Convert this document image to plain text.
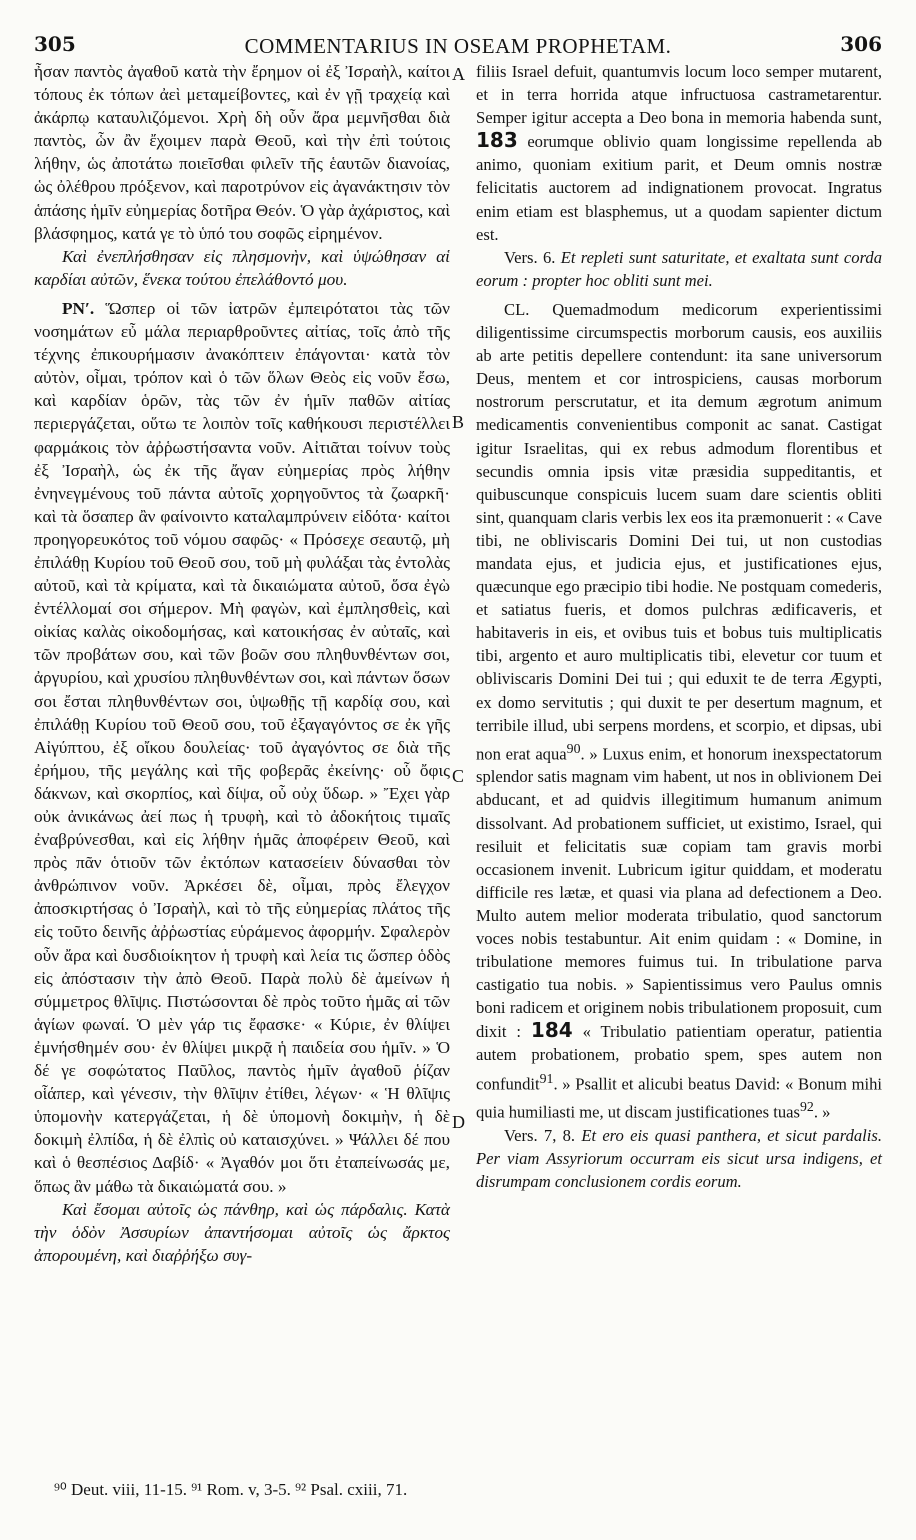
305	COMMENTARIUS IN OSEAM PROPHETAM.	306

ἦσαν παντὸς ἀγαθοῦ κατὰ τὴν ἔρημον οἱ ἐξ Ἰσραὴλ, καίτοι τόπους ἐκ τόπων ἀεὶ μεταμείβοντες, καὶ ἐν γῇ τραχείᾳ καὶ ἀκάρπῳ καταυλιζόμενοι. Χρὴ δὴ οὖν ἄρα μεμνῆσθαι διὰ παντὸς, ὧν ἂν ἔχοιμεν παρὰ Θεοῦ, καὶ τὴν ἐπὶ τούτοις λήθην, ὡς ἀποτάτω ποιεῖσθαι φιλεῖν τῆς ἑαυτῶν διανοίας, ὡς ὀλέθρου πρόξενον, καὶ παροτρύνον εἰς ἀγανάκτησιν τὸν ἁπάσης ἡμῖν εὐημερίας δοτῆρα Θεόν. Ὁ γὰρ ἀχάριστος, καὶ βλάσφημος, κατά γε τὸ ὑπό του σοφῶς εἰρημένον.

Καὶ ἐνεπλήσθησαν εἰς πλησμονὴν, καὶ ὑψώθησαν αἱ καρδίαι αὐτῶν, ἕνεκα τούτου ἐπελάθοντό μου.

ΡΝʹ. Ὥσπερ οἱ τῶν ἰατρῶν ἐμπειρότατοι τὰς τῶν νοσημάτων εὖ μάλα περιαρθροῦντες αἰτίας, τοῖς ἀπὸ τῆς τέχνης ἐπικουρήμασιν ἀνακόπτειν ἐπάγονται· κατὰ τὸν αὐτὸν, οἶμαι, τρόπον καὶ ὁ τῶν ὅλων Θεὸς εἰς νοῦν ἔσω, καὶ καρδίαν ὁρῶν, τὰς τῶν ἐν ἡμῖν παθῶν αἰτίας περιεργάζεται, οὕτω τε λοιπὸν τοῖς καθήκουσι περιστέλλει φαρμάκοις τὸν ἀῤῥωστήσαντα νοῦν. Αἰτιᾶται τοίνυν τοὺς ἐξ Ἰσραὴλ, ὡς ἐκ τῆς ἄγαν εὐημερίας πρὸς λήθην ἐνηνεγμένους τοῦ πάντα αὐτοῖς χορηγοῦντος τὰ ζωαρκῆ· καὶ τὰ ὅσαπερ ἂν φαίνοιντο καταλαμπρύνειν εἰδότα· καίτοι προηγορευκότος τοῦ νόμου σαφῶς· « Πρόσεχε σεαυτῷ, μὴ ἐπιλάθῃ Κυρίου τοῦ Θεοῦ σου, τοῦ μὴ φυλάξαι τὰς ἐντολὰς αὐτοῦ, καὶ τὰ κρίματα, καὶ τὰ δικαιώματα αὐτοῦ, ὅσα ἐγὼ ἐντέλλομαί σοι σήμερον. Μὴ φαγὼν, καὶ ἐμπλησθεὶς, καὶ οἰκίας καλὰς οἰκοδομήσας, καὶ κατοικήσας ἐν αὐταῖς, καὶ τῶν προβάτων σου, καὶ τῶν βοῶν σου πληθυνθέντων σοι, ἀργυρίου, καὶ χρυσίου πληθυνθέντων σοι, καὶ πάντων ὅσων σοι ἔσται πληθυνθέντων σοι, ὑψωθῇς τῇ καρδίᾳ σου, καὶ ἐπιλάθῃ Κυρίου τοῦ Θεοῦ σου, τοῦ ἐξαγαγόντος σε ἐκ γῆς Αἰγύπτου, ἐξ οἴκου δουλείας· τοῦ ἀγαγόντος σε διὰ τῆς ἐρήμου, τῆς μεγάλης καὶ τῆς φοβερᾶς ἐκείνης· οὗ ὄφις δάκνων, καὶ σκορπίος, καὶ δίψα, οὗ οὐχ ὕδωρ. » Ἔχει γὰρ οὐκ ἀνικάνως ἀεί πως ἡ τρυφὴ, καὶ τὸ ἀδοκήτοις τιμαῖς ἐναβρύνεσθαι, καὶ εἰς λήθην ἡμᾶς ἀποφέρειν Θεοῦ, καὶ πρὸς πᾶν ὁτιοῦν τῶν ἐκτόπων κατασείειν δύνασθαι τὸν ἀνθρώπινον νοῦν. Ἀρκέσει δὲ, οἶμαι, πρὸς ἔλεγχον ἀποσκιρτήσας ὁ Ἰσραὴλ, καὶ τὸ τῆς εὐημερίας πλάτος τῆς εἰς τοῦτο δεινῆς ἀῤῥωστίας εὑράμενος ἀφορμήν. Σφαλερὸν οὖν ἄρα καὶ δυσδιοίκητον ἡ τρυφὴ καὶ λεία τις ὥσπερ ὁδὸς εἰς ἀπόστασιν τὴν ἀπὸ Θεοῦ. Παρὰ πολὺ δὲ ἀμείνων ἡ σύμμετρος θλῖψις. Πιστώσονται δὲ πρὸς τοῦτο ἡμᾶς αἱ τῶν ἁγίων φωναί. Ὁ μὲν γάρ τις ἔφασκε· « Κύριε, ἐν θλίψει ἐμνήσθημέν σου· ἐν θλίψει μικρᾷ ἡ παιδεία σου ἡμῖν. » Ὁ δέ γε σοφώτατος Παῦλος, παντὸς ἡμῖν ἀγαθοῦ ῥίζαν οἷάπερ, καὶ γένεσιν, τὴν θλῖψιν ἐτίθει, λέγων· « Ἡ θλῖψις ὑπομονὴν κατεργάζεται, ἡ δὲ ὑπομονὴ δοκιμὴν, ἡ δὲ δοκιμὴ ἐλπίδα, ἡ δὲ ἐλπὶς οὐ καταισχύνει. » Ψάλλει δέ που καὶ ὁ θεσπέσιος Δαβίδ· « Ἀγαθόν μοι ὅτι ἐταπείνωσάς με, ὅπως ἂν μάθω τὰ δικαιώματά σου. »

Καὶ ἔσομαι αὐτοῖς ὡς πάνθηρ, καὶ ὡς πάρδαλις. Κατὰ τὴν ὁδὸν Ἀσσυρίων ἀπαντήσομαι αὐτοῖς ὡς ἄρκτος ἀπορουμένη, καὶ διαῤῥήξω συγ-

A
B
C
D

filiis Israel defuit, quantumvis locum loco semper mutarent, et in terra horrida atque infructuosa castrametarentur. Semper igitur accepta a Deo bona in memoria habenda sunt, 183 eorumque oblivio quam longissime repellenda ab animo, quoniam exitium parit, et Deum omnis nostræ felicitatis auctorem ad indignationem provocat. Ingratus enim etiam est blasphemus, ut a quodam sapienter dictum est.

Vers. 6. Et repleti sunt saturitate, et exaltata sunt corda eorum : propter hoc obliti sunt mei.

CL. Quemadmodum medicorum experientissimi diligentissime circumspectis morborum causis, eos auxiliis ab arte petitis depellere contendunt: ita sane universorum Deus, mentem et cor introspiciens, causas morborum nostrorum perscrutatur, et ita demum ægrotum animum medicamentis convenientibus componit ac sanat. Castigat igitur Israelitas, qui ex rebus admodum florentibus et secundis omnia ipsis vitæ præsidia suppeditantis, et quibuscunque conspicuis lucem suam dare scientis obliti sint, quanquam claris verbis lex eos ita præmonuerit : « Cave tibi, ne obliviscaris Domini Dei tui, ut non custodias mandata ejus, et judicia ejus, et justificationes ejus, quæcunque ego præcipio tibi hodie. Ne postquam comederis, et satiatus fueris, et domos pulchras ædificaveris, et habitaveris in eis, et ovibus tuis et bobus tuis multiplicatis tibi, argento et auro multiplicatis tibi, elevetur cor tuum et obliviscaris Domini Dei tui ; qui eduxit te de terra Ægypti, ex domo servitutis ; qui duxit te per desertum magnum, et terribile illud, ubi serpens mordens, et scorpio, et dipsas, ubi non erat aqua$^{90}$. » Luxus enim, et honorum inexspectatorum splendor satis magnam vim habent, ut nos in oblivionem Dei abducant, et ad quidvis illegitimum humanum animum dissolvant. Ad probationem sufficiet, ut existimo, Israel, qui resiluit et felicitatis suæ copiam tam gravis morbi occasionem invenit. Lubricum igitur quiddam, et moderatu difficile res lætæ, et quasi via plana ad defectionem a Deo. Multo autem melior moderata tribulatio, quod sanctorum voces nobis testabuntur. Ait enim quidam : « Domine, in tribulatione memores fuimus tui. In tribulatione parva castigatio tua nobis. » Sapientissimus vero Paulus omnis boni radicem et originem nobis tribulationem proposuit, cum dixit : 184 « Tribulatio patientiam operatur, patientia autem probationem, probatio spem, spes autem non confundit$^{91}$. » Psallit et alicubi beatus David: « Bonum mihi quia humiliasti me, ut discam justificationes tuas$^{92}$. »

Vers. 7, 8. Et ero eis quasi panthera, et sicut pardalis. Per viam Assyriorum occurram eis sicut ursa indigens, et disrumpam conclusionem cordis eorum.

⁹⁰ Deut. viii, 11-15. ⁹¹ Rom. v, 3-5. ⁹² Psal. cxiii, 71.
